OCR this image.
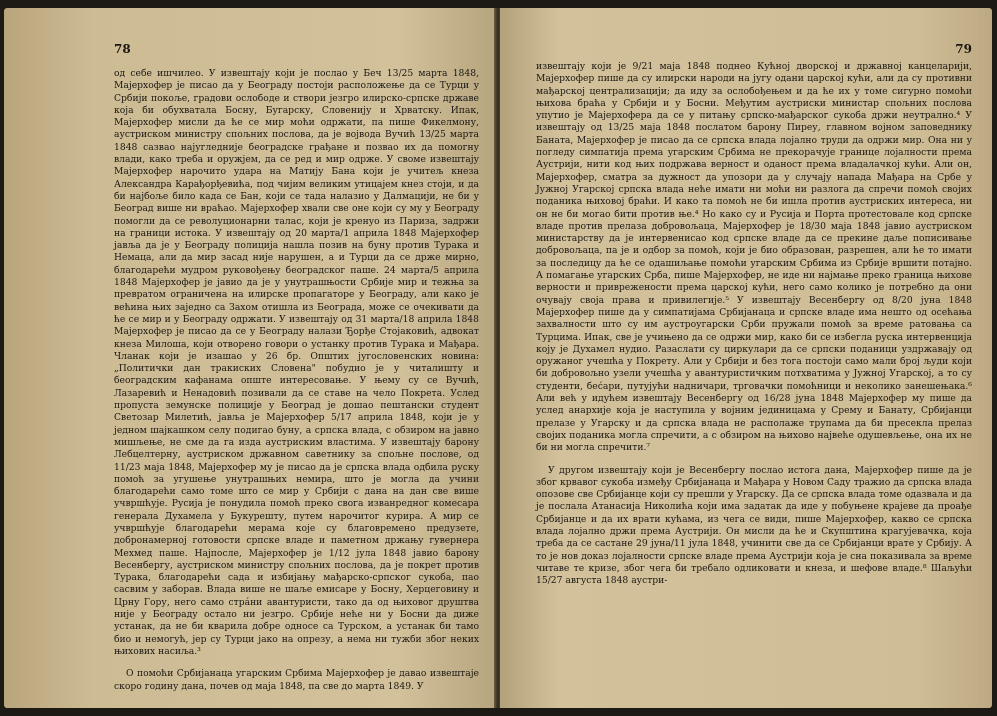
78

од себе ишчилео. У извештају који је послао у Беч 13/25 марта 1848, Мајерхофер је писао да у Београду постоји расположење да се Турци у Србији покоље, градови ослободе и створи језгро илирско-српске државе која би обухватала Босну, Бугарску, Словенију и Хрватску. Ипак, Мајерхофер мисли да ће се мир моћи одржати, па пише Фикелмону, аустриском министру спољних послова, да је војвода Вучић 13/25 марта 1848 сазвао најугледније београдске грађане и позвао их да помогну влади, како треба и оружјем, да се ред и мир одрже. У своме извештају Мајерхофер нарочито удара на Матију Бана који је учитељ кнеза Александра Карађорђевића, под чијим великим утицајем кнез стоји, и да би најбоље било када се Бан, који се тада налазио у Далмацији, не би у Београд више ни враћао. Мајерхофер хвали све оне који су му у Београду помогли да се револуционарни талас, који је кренуо из Париза, задржи на граници истока. У извештају од 20 марта/1 априла 1848 Мајерхофер јавља да је у Београду полиција нашла позив на буну против Турака и Немаца, али да мир засад није нарушен, а и Турци да се држе мирно, благодарећи мудром руковођењу београдског паше. 24 марта/5 априла 1848 Мајерхофер је јавио да је у унутрашњости Србије мир и тежња за превратом ограничена на илирске пропагаторе у Београду, али како је већина њих заједно са Захом отишла из Београда, може се очекивати да ће се мир и у Београду одржати. У извештају од 31 марта/18 априла 1848 Мајерхофер је писао да се у Београду налази Ђорђе Стојаковић, адвокат кнеза Милоша, који отворено говори о устанку против Турака и Мађара. Чланак који је изашао у 26 бр. Општих југословенских новина: „Политички дан тракиских Словена" побудио је у читалишту и београдским кафанама опште интересовање. У њему су се Вучић, Лазаревић и Ненадовић позивали да се ставе на чело Покрета. Услед пропуста земунске полиције у Београд је дошао пештански студент Светозар Милетић, јавља је Мајерхофер 5/17 априла 1848, који је у једном шајкашком селу подигао буну, а српска влада, с обзиром на јавно мишљење, не сме да га изда аустриским властима. У извештају барону Лебцелтерну, аустриском државном саветнику за спољне послове, од 11/23 маја 1848, Мајерхофер му је писао да је српска влада одбила руску помоћ за угушење унутрашњих немира, што је могла да учини благодарећи само томе што се мир у Србији с дана на дан све више учвршћује. Русија је понудила помоћ преко свога изванредног комесара генерала Духамела у Букурешту, путем нарочитог курира. А мир се учвршћује благодарећи мерама које су благовремено предузете, добронамерној готовости српске владе и паметном држању гувернера Мехмед паше. Најпосле, Мајерхофер је 1/12 јула 1848 јавио барону Весенбергу, аустриском министру спољних послова, да је покрет против Турака, благодарећи сада и избијању мађарско-српског сукоба, пао сасвим у заборав. Влада више не шаље емисаре у Босну, Херцеговину и Црну Гору, него само стрáни авантуристи, тако да од њиховог друштва није у Београду остало ни језгро. Србије неће ни у Босни да диже устанак, да не би кварила добре односе са Турском, а устанак би тамо био и немогућ, јер су Турци јако на опрезу, а нема ни тужби због неких њихових насиља.³

О помоћи Србијанаца угарским Србима Мајерхофер је давао извештаје скоро годину дана, почев од маја 1848, па све до марта 1849. У

79

извештају који је 9/21 маја 1848 поднео Кућној дворској и државној канцеларији, Мајерхофер пише да су илирски народи на југу одани царској кући, али да су противни мађарској централизацији; да иду за ослобођењем и да ће их у томе сигурно помоћи њихова браћа у Србији и у Босни. Међутим аустриски министар спољних послова упутио је Мајерхофера да се у питању српско-мађарског сукоба држи неутрално.⁴ У извештају од 13/25 маја 1848 послатом барону Пиреу, главном војном заповеднику Баната, Мајерхофер је писао да се српска влада лојално труди да одржи мир. Она ни у погледу симпатија према угарским Србима не прекорачује границе лојалности према Аустрији, нити код њих подржава верност и оданост према владалачкој кући. Али он, Мајерхофер, сматра за дужност да упозори да у случају напада Мађара на Србе у Јужној Угарској српска влада неће имати ни моћи ни разлога да спречи помоћ својих поданика њиховој браћи. И како та помоћ не би ишла против аустриских интереса, ни он не би могао бити против ње.⁴ Но како су и Русија и Порта протестовале код српске владе против прелаза добровољаца, Мајерхофер је 18/30 маја 1848 јавио аустриском министарству да је интервенисао код српске владе да се прекине даље пописивање добровољаца, па је и одбор за помоћ, који је био образован, разрешен, али ће то имати за последицу да ће се одашиљање помоћи угарским Србима из Србије вршити потајно. А помагање угарских Срба, пише Мајерхофер, не иде ни најмање преко граница њихове верности и приврежености према царској кући, него само колико је потребно да они очувају своја права и привилегије.⁵ У извештају Весенбергу од 8/20 јуна 1848 Мајерхофер пише да у симпатијама Србијанаца и српске владе има нешто од осећања захвалности што су им аустроугарски Срби пружали помоћ за време ратовања са Турцима. Ипак, све је учињено да се одржи мир, како би се избегла руска интервенција коју је Духамел нудио. Разаслати су циркулари да се српски поданици уздржавају од оружаног учешћа у Покрету. Али у Србији и без тога постоји само мали број људи који би добровољно узели учешћа у авантуристичким потхватима у Јужној Угарској, а то су студенти, беćари, путујући надничари, трговачки помоћници и неколико занешењака.⁶ Али већ у идућем извештају Весенбергу од 16/28 јуна 1848 Мајерхофер му пише да услед анархије која је наступила у војним јединицама у Срему и Банату, Србијанци прелазе у Угарску и да српска влада не располаже трупама да би пресекла прелаз својих поданика могла спречити, а с обзиром на њихово највеће одушевљење, она их не би ни могла спречити.⁷

У другом извештају који је Весенбергу послао истога дана, Мајерхофер пише да је због крвавог сукоба између Србијанаца и Мађара у Новом Саду тражио да српска влада опозове све Србијанце који су прешли у Угарску. Да се српска влада томе одазвала и да је послала Атанасија Николића који има задатак да иде у побуњене крајеве да проађе Србијанце и да их врати кућама, из чега се види, пише Мајерхофер, какво се српска влада лојално држи према Аустрији. Он мисли да ће и Скупштина крагујевачка, која треба да се састане 29 јуна/11 јула 1848, учинити све да се Србијанци врате у Србију. А то је нов доказ лојалности српске владе према Аустрији која је сна показивала за време читаве те кризе, због чега би требало одликовати и кнеза, и шефове владе.⁸ Шаљући 15/27 августа 1848 аустри-
